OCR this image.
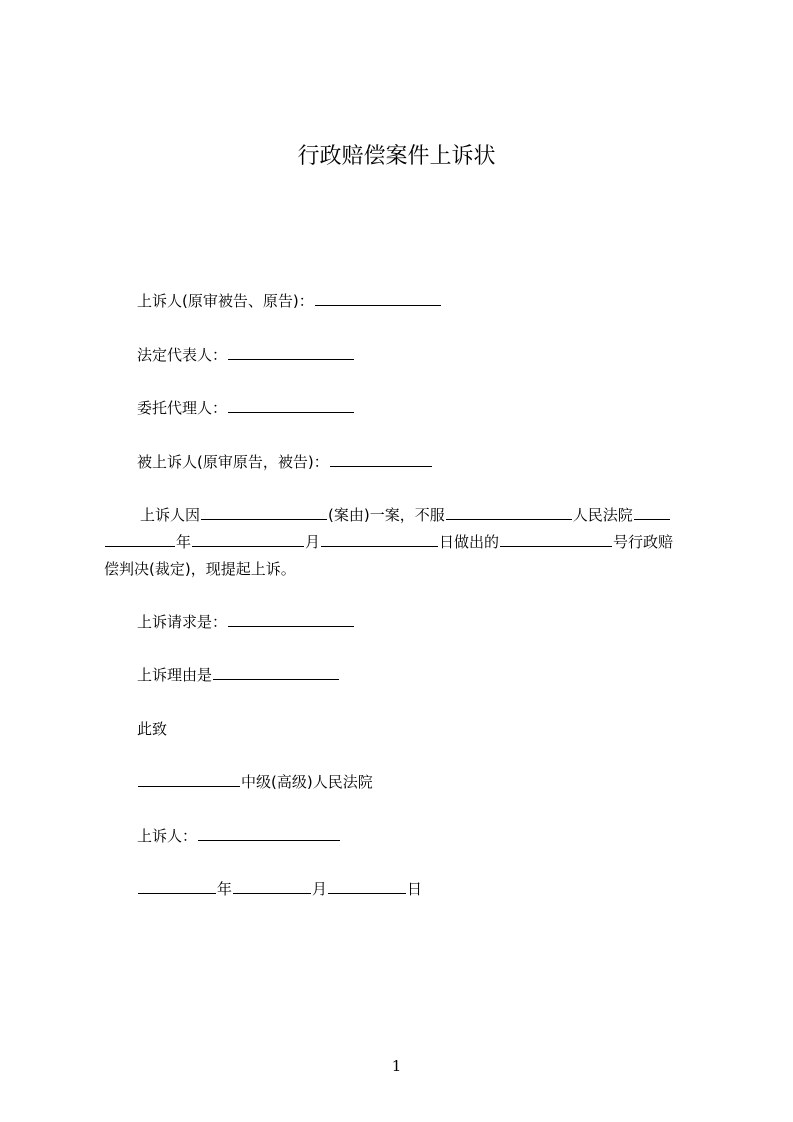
行政赔偿案件上诉状
上诉人(原审被告、原告)：
法定代表人：
委托代理人：
被上诉人(原审原告，被告)：
上诉人因	(案由)一案，不服	人民法院
年	月	日做出的	号行政赔
偿判决(裁定)，现提起上诉。
上诉请求是：
上诉理由是
此致
中级(高级)人民法院
上诉人：
年	月	日
1
